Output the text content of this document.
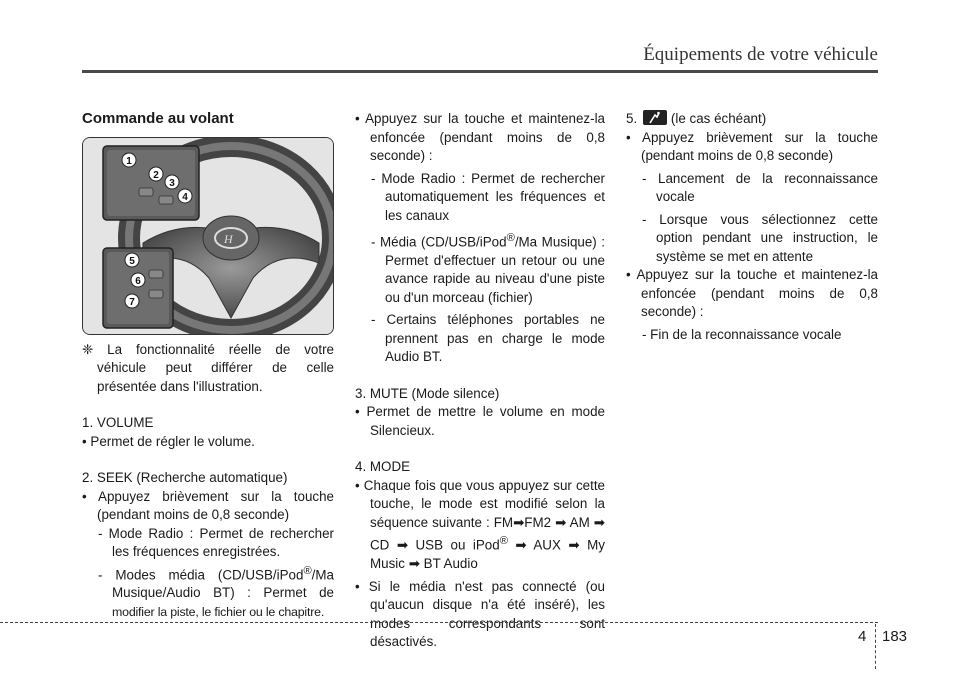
Équipements de votre véhicule
Commande au volant
H
1
2
3
4
5
6
7

❈ La fonctionnalité réelle de votre véhicule peut différer de celle présentée dans l'illustration.

1. VOLUME

• Permet de régler le volume.

2. SEEK (Recherche automatique)

• Appuyez brièvement sur la touche (pendant moins de 0,8 seconde)

- Mode Radio : Permet de rechercher les fréquences enregistrées.

- Modes média (CD/USB/iPod®/Ma Musique/Audio BT) : Permet de modifier la piste, le fichier ou le chapitre.

• Appuyez sur la touche et maintenez-la enfoncée (pendant moins de 0,8 seconde) :

- Mode Radio : Permet de rechercher automatiquement les fréquences et les canaux

- Média (CD/USB/iPod®/Ma Musique) : Permet d'effectuer un retour ou une avance rapide au niveau d'une piste ou d'un morceau (fichier)

- Certains téléphones portables ne prennent pas en charge le mode Audio BT.

3. MUTE (Mode silence)

• Permet de mettre le volume en mode Silencieux.

4. MODE

• Chaque fois que vous appuyez sur cette touche, le mode est modifié selon la séquence suivante : FM➡FM2 ➡ AM ➡ CD ➡ USB ou iPod® ➡ AUX ➡ My Music ➡ BT Audio

• Si le média n'est pas connecté (ou qu'aucun disque n'a été inséré), les modes correspondants sont désactivés.

5.	(le cas échéant)

• Appuyez brièvement sur la touche (pendant moins de 0,8 seconde)

- Lancement de la reconnaissance vocale

- Lorsque vous sélectionnez cette option pendant une instruction, le système se met en attente

• Appuyez sur la touche et maintenez-la enfoncée (pendant moins de 0,8 seconde) :

- Fin de la reconnaissance vocale

4 183
